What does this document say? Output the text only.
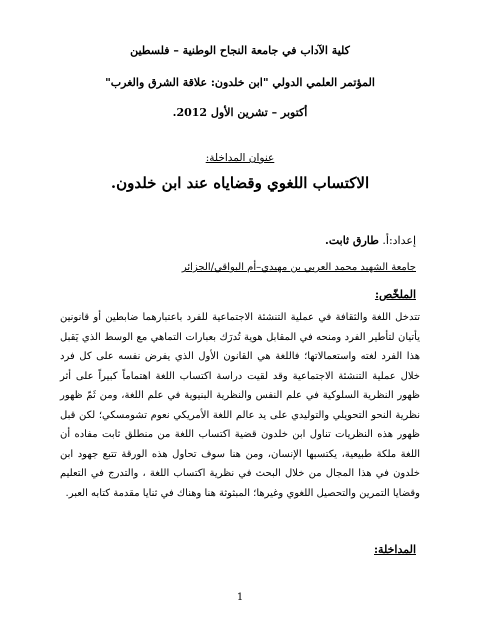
كلية الآداب في جامعة النجاح الوطنية – فلسطين
المؤتمر العلمي الدولي "ابن خلدون: علاقة الشرق والغرب"
أكتوبر – تشرين الأول 2012.
عنوان المداخلة:
الاكتساب اللغوي وقضاياه عند ابن خلدون.
إعداد:أ. طارق ثابت.
جامعة الشهيد محمد العربي بن مهيدي–أم البواقي/الجزائر
الملخّص:
تتدخل اللغة والثقافة في عملية التنشئة الاجتماعية للفرد باعتبارهما ضابطين أو قانونين يأتيان لتأطير الفرد ومنحه في المقابل هوية تُدرَك بعبارات التماهي مع الوسط الذي يَقبل هذا الفرد لغته واستعمالاتها؛ فاللغة هي القانون الأول الذي يفرض نفسه على كل فرد خلال عملية التنشئة الاجتماعية وقد لقيت دراسة اكتساب اللغة اهتماماً كبيراً على أثر ظهور النظرية السلوكية في علم النفس والنظرية البنيوية في علم اللغة، ومن ثَمّ ظهور نظرية النحو التحويلي والتوليدي على يد عالم اللغة الأمريكي نعوم تشومسكي؛ لكن قبل ظهور هذه النظريات تناول ابن خلدون قضية اكتساب اللغة من منطلق ثابت مفاده أن اللغة ملكة طبيعية، يكتسبها الإنسان، ومن هنا سوف تحاول هذه الورقة تتبع جهود ابن خلدون في هذا المجال من خلال البحث في نظرية اكتساب اللغة ، والتدرج في التعليم وقضايا التمرين والتحصيل اللغوي وغيرها؛ المبثوثة هنا وهناك في ثنايا مقدمة كتابه العبر.
المداخلة:
1
